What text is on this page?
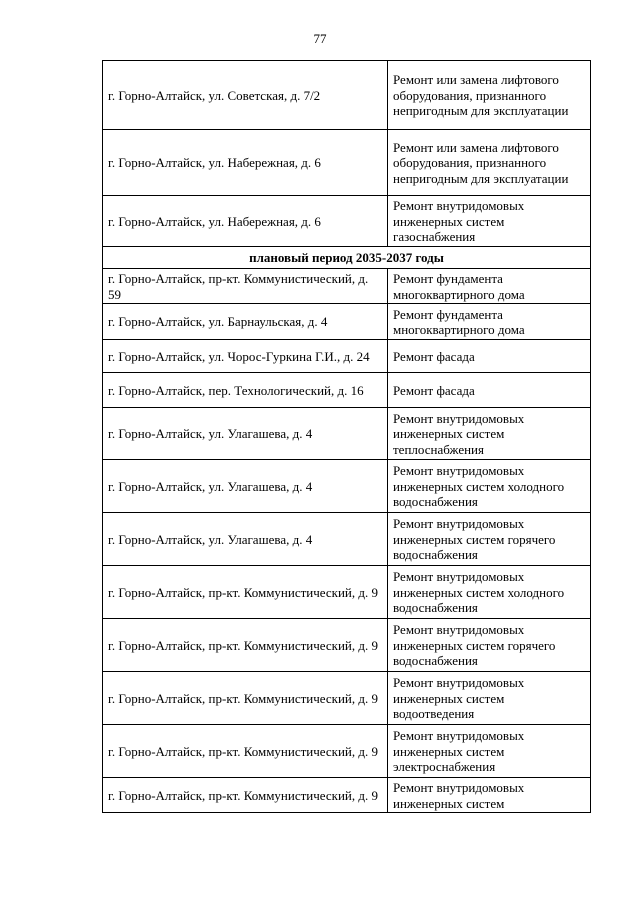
77
г. Горно-Алтайск, ул. Советская, д. 7/2	Ремонт или замена лифтового оборудования, признанного непригодным для эксплуатации
г. Горно-Алтайск, ул. Набережная, д. 6	Ремонт или замена лифтового оборудования, признанного непригодным для эксплуатации
г. Горно-Алтайск, ул. Набережная, д. 6	Ремонт внутридомовых инженерных систем газоснабжения
плановый период 2035-2037 годы	
г. Горно-Алтайск, пр-кт. Коммунистический, д. 59	Ремонт фундамента многоквартирного дома
г. Горно-Алтайск, ул. Барнаульская, д. 4	Ремонт фундамента многоквартирного дома
г. Горно-Алтайск, ул. Чорос-Гуркина Г.И., д. 24	Ремонт фасада
г. Горно-Алтайск, пер. Технологический, д. 16	Ремонт фасада
г. Горно-Алтайск, ул. Улагашева, д. 4	Ремонт внутридомовых инженерных систем теплоснабжения
г. Горно-Алтайск, ул. Улагашева, д. 4	Ремонт внутридомовых инженерных систем холодного водоснабжения
г. Горно-Алтайск, ул. Улагашева, д. 4	Ремонт внутридомовых инженерных систем горячего водоснабжения
г. Горно-Алтайск, пр-кт. Коммунистический, д. 9	Ремонт внутридомовых инженерных систем холодного водоснабжения
г. Горно-Алтайск, пр-кт. Коммунистический, д. 9	Ремонт внутридомовых инженерных систем горячего водоснабжения
г. Горно-Алтайск, пр-кт. Коммунистический, д. 9	Ремонт внутридомовых инженерных систем водоотведения
г. Горно-Алтайск, пр-кт. Коммунистический, д. 9	Ремонт внутридомовых инженерных систем электроснабжения
г. Горно-Алтайск, пр-кт. Коммунистический, д. 9	Ремонт внутридомовых инженерных систем
